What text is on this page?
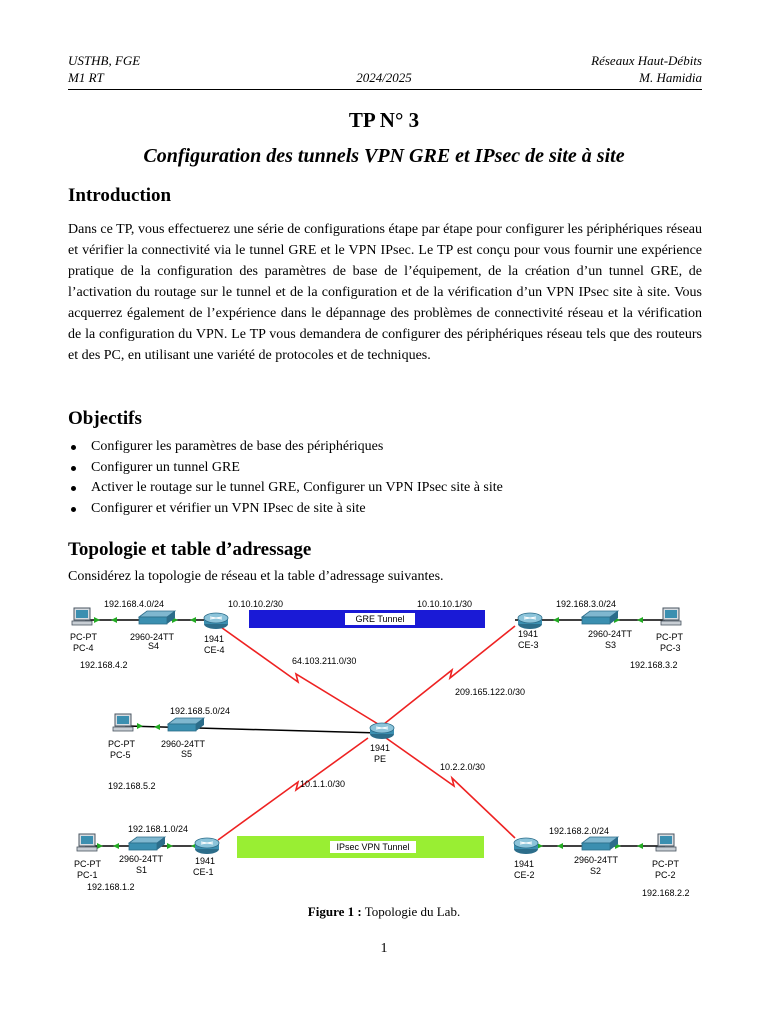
USTHB, FGE
M1 RT	2024/2025
Réseaux Haut-Débits
M. Hamidia
TP N° 3
Configuration des tunnels VPN GRE et IPsec de site à site
Introduction
Dans ce TP, vous effectuerez une série de configurations étape par étape pour configurer les périphériques réseau et vérifier la connectivité via le tunnel GRE et le VPN IPsec. Le TP est conçu pour vous fournir une expérience pratique de la configuration des paramètres de base de l’équipement, de la création d’un tunnel GRE, de l’activation du routage sur le tunnel et de la configuration et de la vérification d’un VPN IPsec site à site. Vous acquerrez également de l’expérience dans le dépannage des problèmes de connectivité réseau et la vérification de la configuration du VPN. Le TP vous demandera de configurer des périphériques réseau tels que des routeurs et des PC, en utilisant une variété de protocoles et de techniques.
Objectifs
Configurer les paramètres de base des périphériques
Configurer un tunnel GRE
Activer le routage sur le tunnel GRE, Configurer un VPN IPsec site à site
Configurer et vérifier un VPN IPsec de site à site
Topologie et table d’adressage
Considérez la topologie de réseau et la table d’adressage suivantes.
GRE Tunnel
IPsec VPN Tunnel
192.168.4.0/24	10.10.10.2/30	10.10.10.1/30	192.168.3.0/24
PC-PT
PC-4
2960-24TT
S4
1941
CE-4
1941
CE-3
2960-24TT
S3
PC-PT
PC-3
192.168.4.2	192.168.3.2
64.103.211.0/30
209.165.122.0/30
192.168.5.0/24
PC-PT
PC-5
2960-24TT
S5
1941
PE
10.2.2.0/30
192.168.5.2	10.1.1.0/30
192.168.1.0/24	192.168.2.0/24
PC-PT
PC-1
2960-24TT
S1
1941
CE-1
1941
CE-2
2960-24TT
S2
PC-PT
PC-2
192.168.1.2
192.168.2.2
Figure 1 : Topologie du Lab.
1
